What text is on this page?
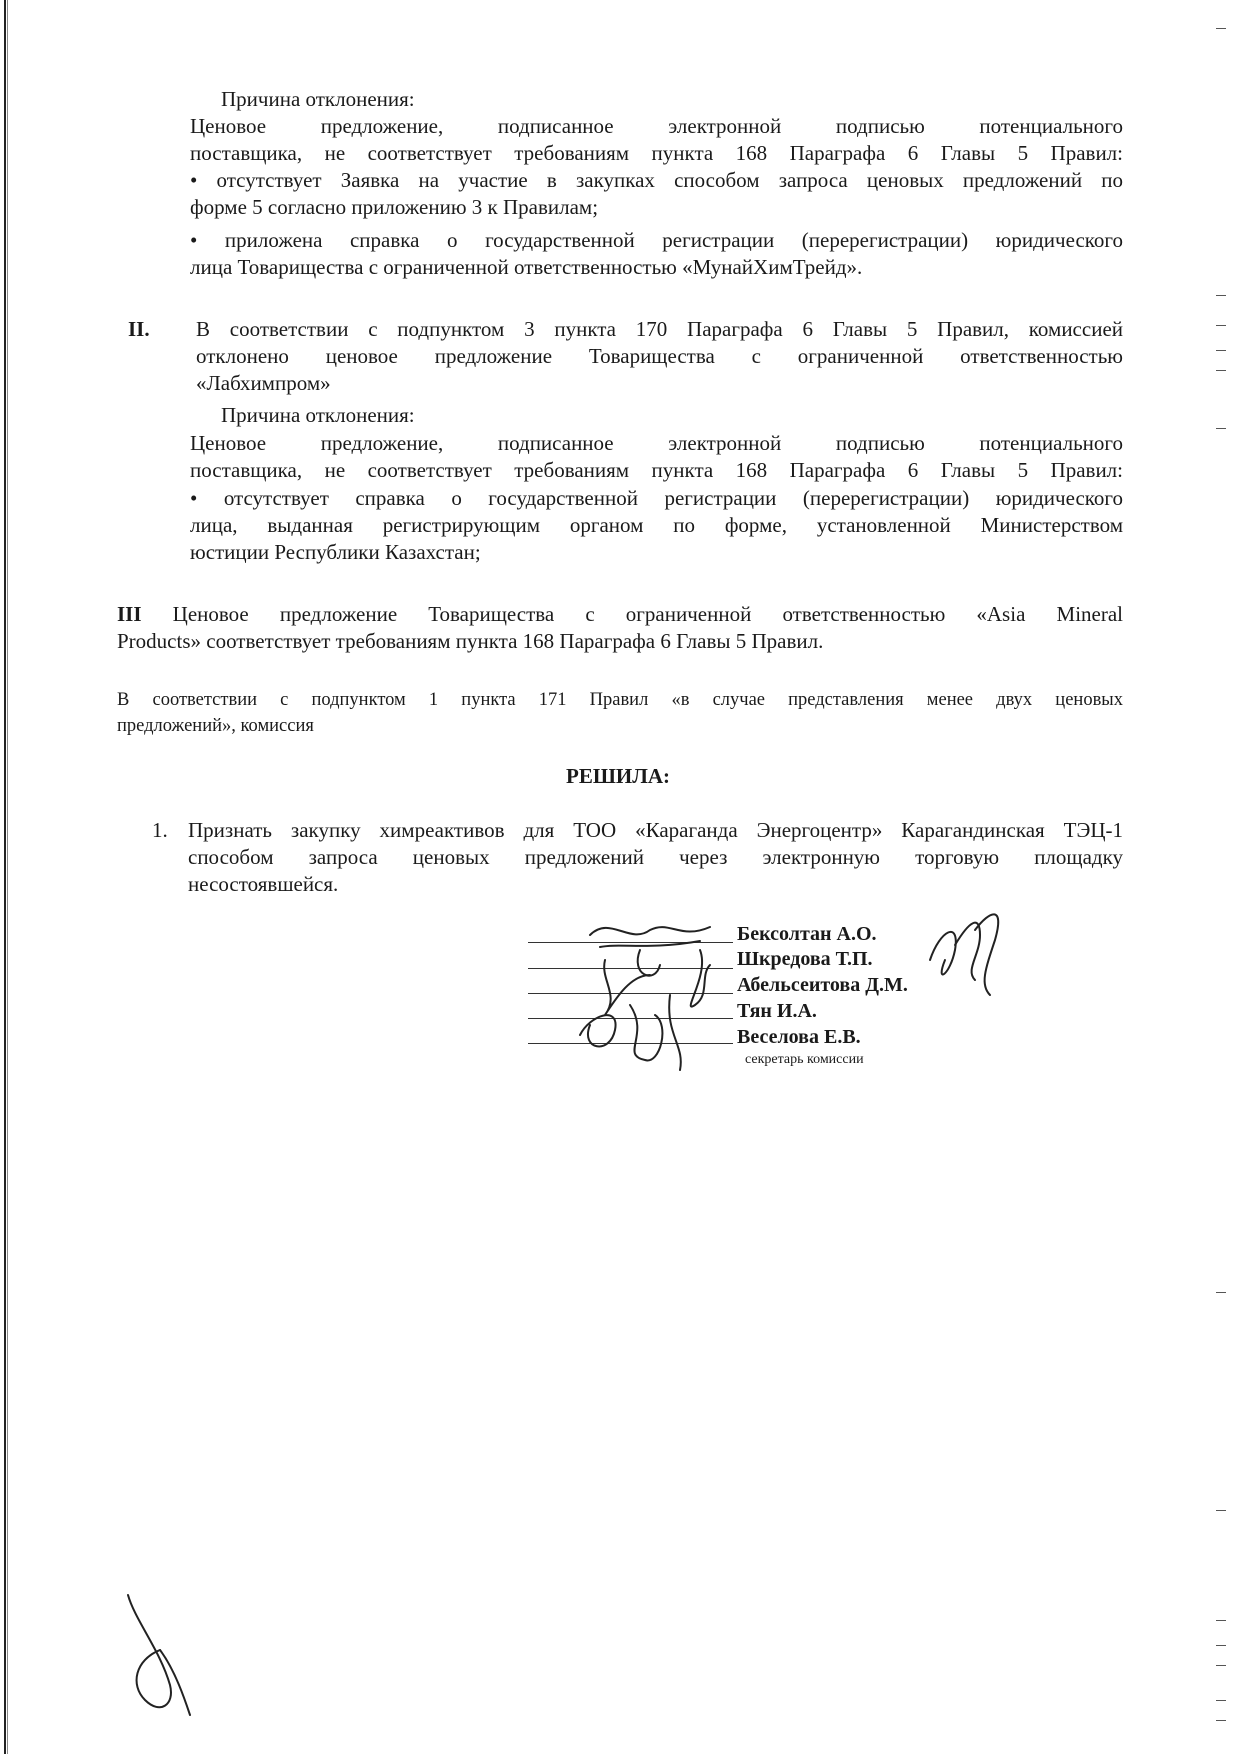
Причина отклонения:
Ценовое предложение, подписанное электронной подписью потенциального
поставщика, не соответствует требованиям пункта 168 Параграфа 6 Главы 5 Правил:
• отсутствует Заявка на участие в закупках способом запроса ценовых предложений по
форме 5 согласно приложению 3 к Правилам;
• приложена справка о государственной регистрации (перерегистрации) юридического
лица Товарищества с ограниченной ответственностью «МунайХимТрейд».
II. В соответствии с подпунктом 3 пункта 170 Параграфа 6 Главы 5 Правил, комиссией
отклонено ценовое предложение Товарищества с ограниченной ответственностью
«Лабхимпром»
Причина отклонения:
Ценовое предложение, подписанное электронной подписью потенциального
поставщика, не соответствует требованиям пункта 168 Параграфа 6 Главы 5 Правил:
• отсутствует справка о государственной регистрации (перерегистрации) юридического
лица, выданная регистрирующим органом по форме, установленной Министерством
юстиции Республики Казахстан;
III Ценовое предложение Товарищества с ограниченной ответственностью «Asia Mineral
Products» соответствует требованиям пункта 168 Параграфа 6 Главы 5 Правил.
В соответствии с подпунктом 1 пункта 171 Правил «в случае представления менее двух ценовых
предложений», комиссия
РЕШИЛА:
1. Признать закупку химреактивов для ТОО «Караганда Энергоцентр» Карагандинская ТЭЦ-1
способом запроса ценовых предложений через электронную торговую площадку
несостоявшейся.
Бексолтан А.О.
Шкредова Т.П.
Абельсеитова Д.М.
Тян И.А.
Веселова Е.В.
секретарь комиссии
